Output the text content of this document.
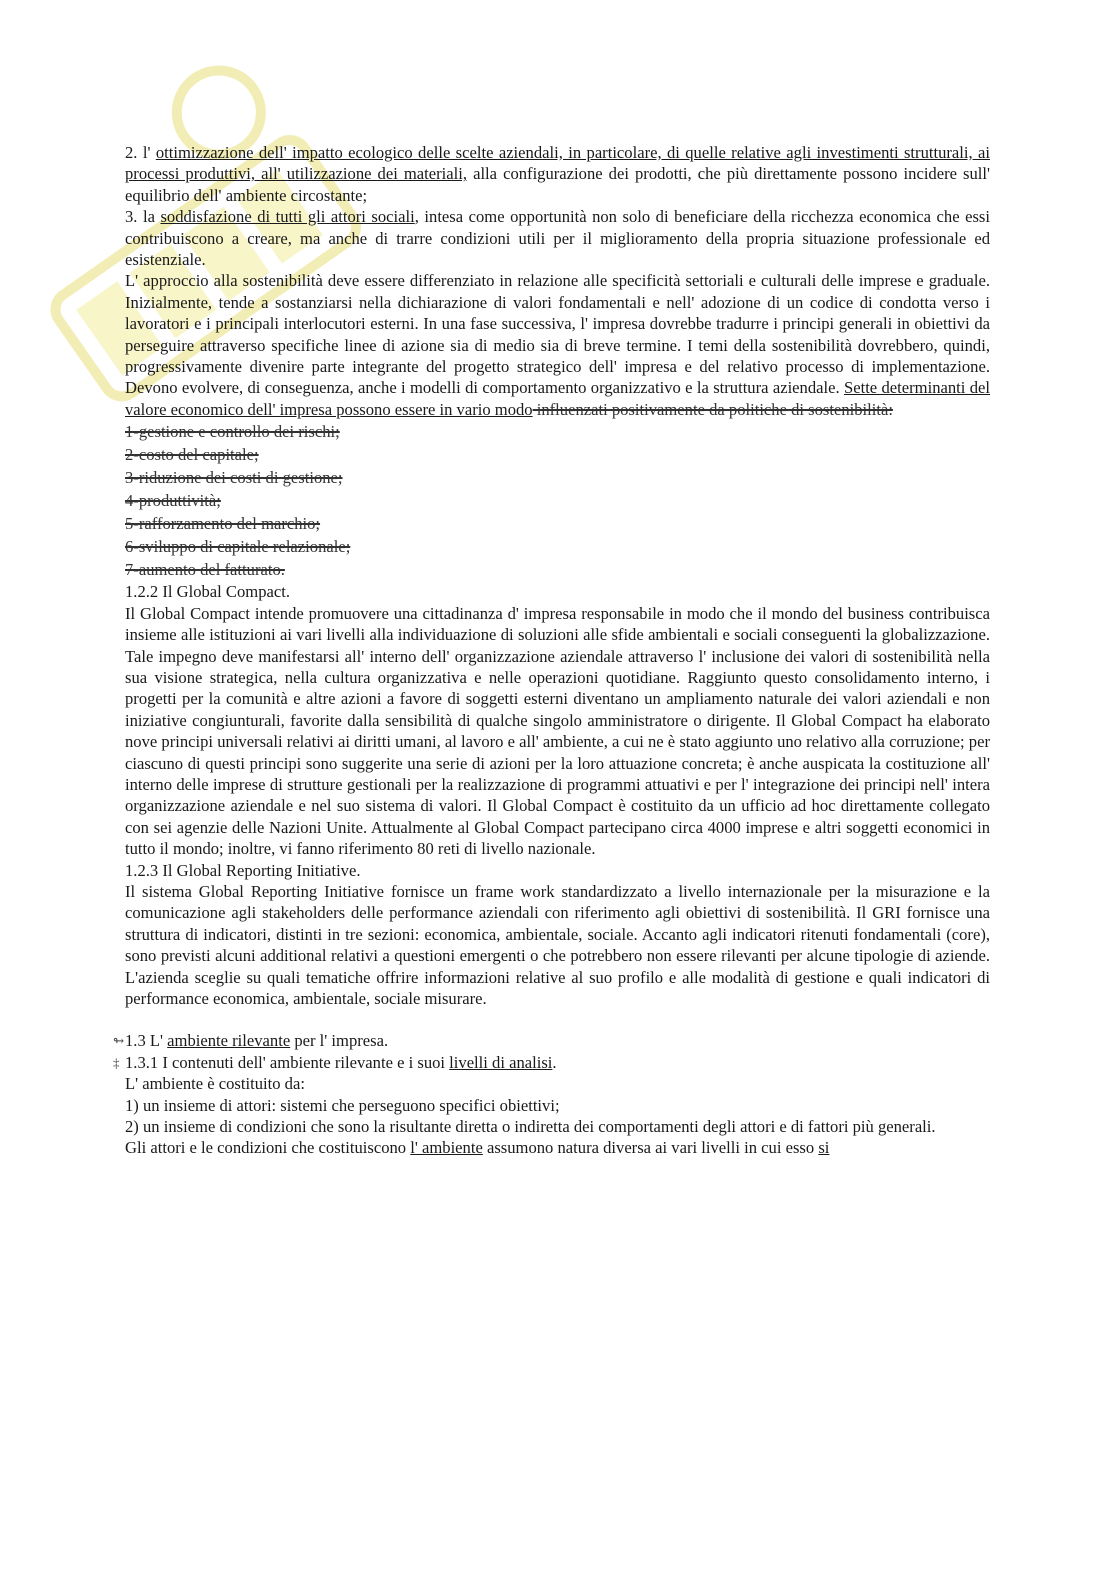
2. l' ottimizzazione dell' impatto ecologico delle scelte aziendali, in particolare, di quelle relative agli investimenti strutturali, ai processi produttivi, all' utilizzazione dei materiali, alla configurazione dei prodotti, che più direttamente possono incidere sull' equilibrio dell' ambiente circostante;

3. la soddisfazione di tutti gli attori sociali, intesa come opportunità non solo di beneficiare della ricchezza economica che essi contribuiscono a creare, ma anche di trarre condizioni utili per il miglioramento della propria situazione professionale ed esistenziale.

L' approccio alla sostenibilità deve essere differenziato in relazione alle specificità settoriali e culturali delle imprese e graduale. Inizialmente, tende a sostanziarsi nella dichiarazione di valori fondamentali e nell' adozione di un codice di condotta verso i lavoratori e i principali interlocutori esterni. In una fase successiva, l' impresa dovrebbe tradurre i principi generali in obiettivi da perseguire attraverso specifiche linee di azione sia di medio sia di breve termine. I temi della sostenibilità dovrebbero, quindi, progressivamente divenire parte integrante del progetto strategico dell' impresa e del relativo processo di implementazione. Devono evolvere, di conseguenza, anche i modelli di comportamento organizzativo e la struttura aziendale. Sette determinanti del valore economico dell' impresa possono essere in vario modo influenzati positivamente da politiche di sostenibilità:

1-gestione e controllo dei rischi;

2-costo del capitale;

3-riduzione dei costi di gestione;

4-produttività;

5-rafforzamento del marchio;

6-sviluppo di capitale relazionale;

7-aumento del fatturato.

1.2.2 Il Global Compact.

Il Global Compact intende promuovere una cittadinanza d' impresa responsabile in modo che il mondo del business contribuisca insieme alle istituzioni ai vari livelli alla individuazione di soluzioni alle sfide ambientali e sociali conseguenti la globalizzazione. Tale impegno deve manifestarsi all' interno dell' organizzazione aziendale attraverso l' inclusione dei valori di sostenibilità nella sua visione strategica, nella cultura organizzativa e nelle operazioni quotidiane. Raggiunto questo consolidamento interno, i progetti per la comunità e altre azioni a favore di soggetti esterni diventano un ampliamento naturale dei valori aziendali e non iniziative congiunturali, favorite dalla sensibilità di qualche singolo amministratore o dirigente. Il Global Compact ha elaborato nove principi universali relativi ai diritti umani, al lavoro e all' ambiente, a cui ne è stato aggiunto uno relativo alla corruzione; per ciascuno di questi principi sono suggerite una serie di azioni per la loro attuazione concreta; è anche auspicata la costituzione all' interno delle imprese di strutture gestionali per la realizzazione di programmi attuativi e per l' integrazione dei principi nell' intera organizzazione aziendale e nel suo sistema di valori. Il Global Compact è costituito da un ufficio ad hoc direttamente collegato con sei agenzie delle Nazioni Unite. Attualmente al Global Compact partecipano circa 4000 imprese e altri soggetti economici in tutto il mondo; inoltre, vi fanno riferimento 80 reti di livello nazionale.

1.2.3 Il Global Reporting Initiative.

Il sistema Global Reporting Initiative fornisce un frame work standardizzato a livello internazionale per la misurazione e la comunicazione agli stakeholders delle performance aziendali con riferimento agli obiettivi di sostenibilità. Il GRI fornisce una struttura di indicatori, distinti in tre sezioni: economica, ambientale, sociale. Accanto agli indicatori ritenuti fondamentali (core), sono previsti alcuni additional relativi a questioni emergenti o che potrebbero non essere rilevanti per alcune tipologie di aziende. L'azienda sceglie su quali tematiche offrire informazioni relative al suo profilo e alle modalità di gestione e quali indicatori di performance economica, ambientale, sociale misurare.

↬ 1.3 L' ambiente rilevante per l' impresa.

‡ 1.3.1 I contenuti dell' ambiente rilevante e i suoi livelli di analisi.

L' ambiente è costituito da:

1) un insieme di attori: sistemi che perseguono specifici obiettivi;

2) un insieme di condizioni che sono la risultante diretta o indiretta dei comportamenti degli attori e di fattori più generali.

Gli attori e le condizioni che costituiscono l' ambiente assumono natura diversa ai vari livelli in cui esso si
